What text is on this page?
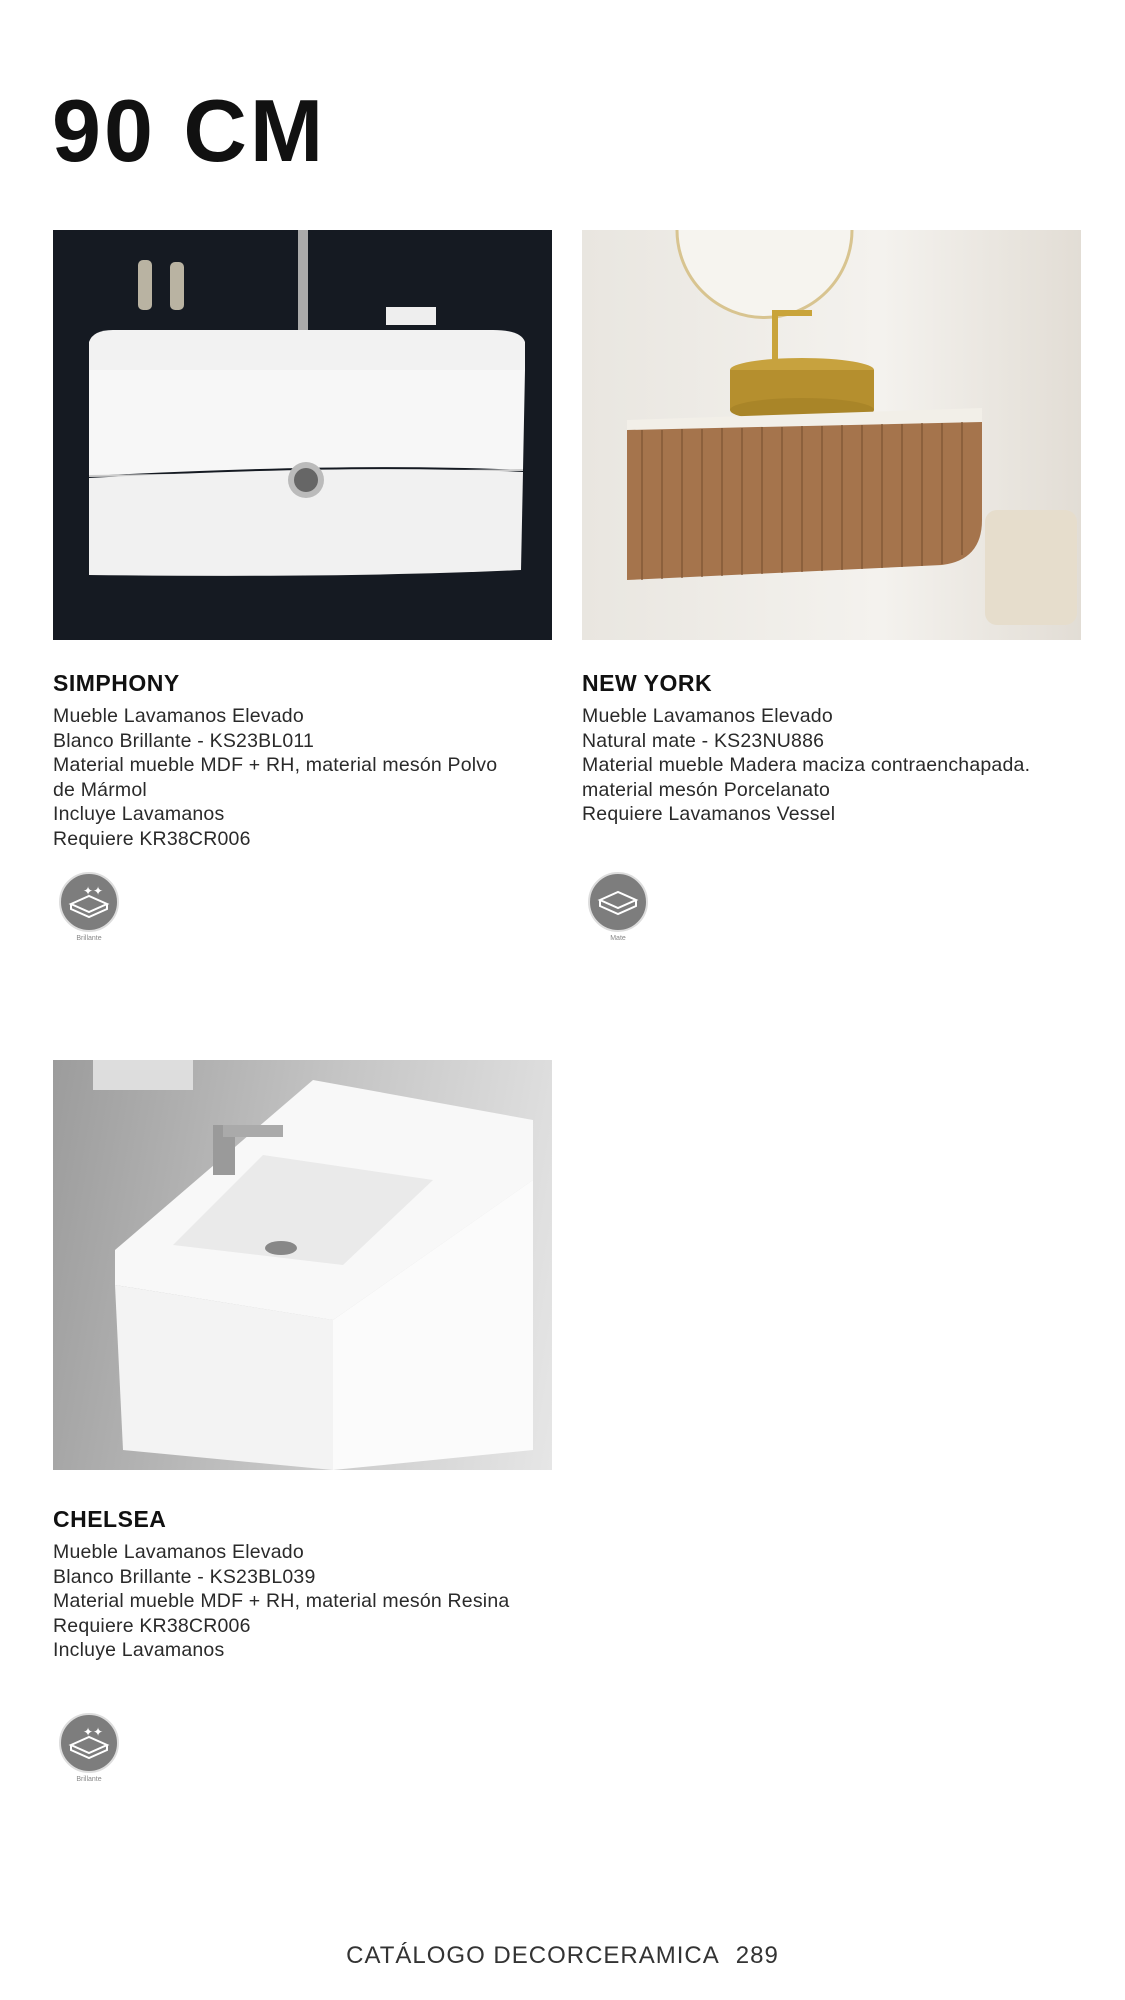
90 CM
SIMPHONY
Mueble Lavamanos Elevado
Blanco Brillante - KS23BL011
Material mueble MDF + RH, material mesón Polvo
de Mármol
Incluye Lavamanos
Requiere KR38CR006
✦✦
Brillante
NEW YORK
Mueble Lavamanos Elevado
Natural mate - KS23NU886
Material mueble Madera maciza contraenchapada.
material mesón Porcelanato
Requiere Lavamanos Vessel
Mate
CHELSEA
Mueble Lavamanos Elevado
Blanco Brillante - KS23BL039
Material mueble MDF + RH, material mesón Resina
Requiere KR38CR006
Incluye Lavamanos
✦✦
Brillante
CATÁLOGO DECORCERAMICA 289
